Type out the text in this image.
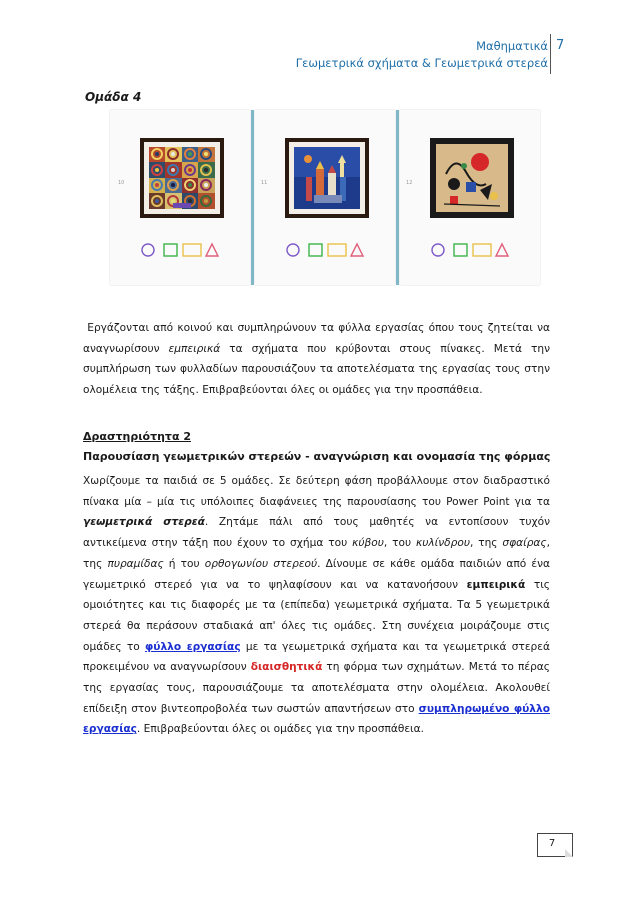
Μαθηματικά
Γεωμετρικά σχήματα & Γεωμετρικά στερεά
7
Ομάδα 4
10	11	12

Εργάζονται από κοινού και συμπληρώνουν τα φύλλα εργασίας όπου τους ζητείται να αναγνωρίσουν εμπειρικά τα σχήματα που κρύβονται στους πίνακες. Μετά την συμπλήρωση των φυλλαδίων παρουσιάζουν τα αποτελέσματα της εργασίας τους στην ολομέλεια της τάξης. Επιβραβεύονται όλες οι ομάδες για την προσπάθεια.

Δραστηριότητα 2
Παρουσίαση γεωμετρικών στερεών - αναγνώριση και ονομασία της φόρμας

Χωρίζουμε τα παιδιά σε 5 ομάδες. Σε δεύτερη φάση προβάλλουμε στον διαδραστικό πίνακα μία – μία τις υπόλοιπες διαφάνειες της παρουσίασης του Power Point για τα γεωμετρικά στερεά. Ζητάμε πάλι από τους μαθητές να εντοπίσουν τυχόν αντικείμενα στην τάξη που έχουν το σχήμα του κύβου, του κυλίνδρου, της σφαίρας, της πυραμίδας ή του ορθογωνίου στερεού. Δίνουμε σε κάθε ομάδα παιδιών από ένα γεωμετρικό στερεό για να το ψηλαφίσουν και να κατανοήσουν εμπειρικά τις ομοιότητες και τις διαφορές με τα (επίπεδα) γεωμετρικά σχήματα. Τα 5 γεωμετρικά στερεά θα περάσουν σταδιακά απ' όλες τις ομάδες. Στη συνέχεια μοιράζουμε στις ομάδες το φύλλο εργασίας με τα γεωμετρικά σχήματα και τα γεωμετρικά στερεά προκειμένου να αναγνωρίσουν διαισθητικά τη φόρμα των σχημάτων. Μετά το πέρας της εργασίας τους, παρουσιάζουμε τα αποτελέσματα στην ολομέλεια. Ακολουθεί επίδειξη στον βιντεοπροβολέα των σωστών απαντήσεων στο συμπληρωμένο φύλλο εργασίας. Επιβραβεύονται όλες οι ομάδες για την προσπάθεια.

7
